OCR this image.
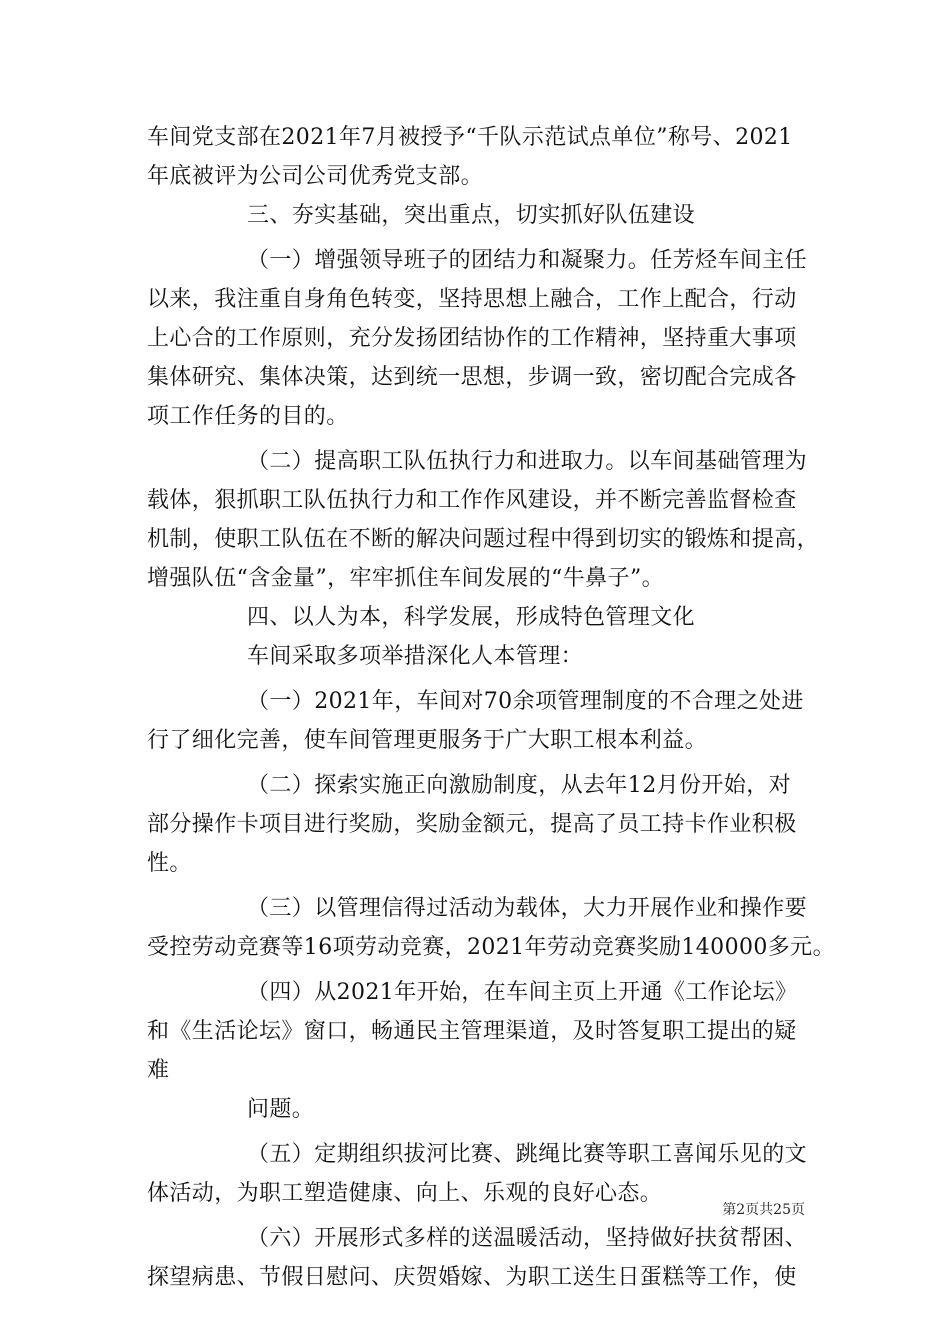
车间党支部在2021年7月被授予“千队示范试点单位”称号、2021
年底被评为公司公司优秀党支部。
三、夯实基础，突出重点，切实抓好队伍建设
（一）增强领导班子的团结力和凝聚力。任芳烃车间主任
以来，我注重自身角色转变，坚持思想上融合，工作上配合，行动
上心合的工作原则，充分发扬团结协作的工作精神，坚持重大事项
集体研究、集体决策，达到统一思想，步调一致，密切配合完成各
项工作任务的目的。
（二）提高职工队伍执行力和进取力。以车间基础管理为
载体，狠抓职工队伍执行力和工作作风建设，并不断完善监督检查
机制，使职工队伍在不断的解决问题过程中得到切实的锻炼和提高，
增强队伍“含金量”，牢牢抓住车间发展的“牛鼻子”。
四、以人为本，科学发展，形成特色管理文化
车间采取多项举措深化人本管理：
（一）2021年，车间对70余项管理制度的不合理之处进
行了细化完善，使车间管理更服务于广大职工根本利益。
（二）探索实施正向激励制度，从去年12月份开始，对
部分操作卡项目进行奖励，奖励金额元，提高了员工持卡作业积极
性。
（三）以管理信得过活动为载体，大力开展作业和操作要
受控劳动竞赛等16项劳动竞赛，2021年劳动竞赛奖励140000多元。
（四）从2021年开始，在车间主页上开通《工作论坛》
和《生活论坛》窗口，畅通民主管理渠道，及时答复职工提出的疑
难
问题。
（五）定期组织拔河比赛、跳绳比赛等职工喜闻乐见的文
体活动，为职工塑造健康、向上、乐观的良好心态。
（六）开展形式多样的送温暖活动，坚持做好扶贫帮困、
探望病患、节假日慰问、庆贺婚嫁、为职工送生日蛋糕等工作，使
第2页共25页
